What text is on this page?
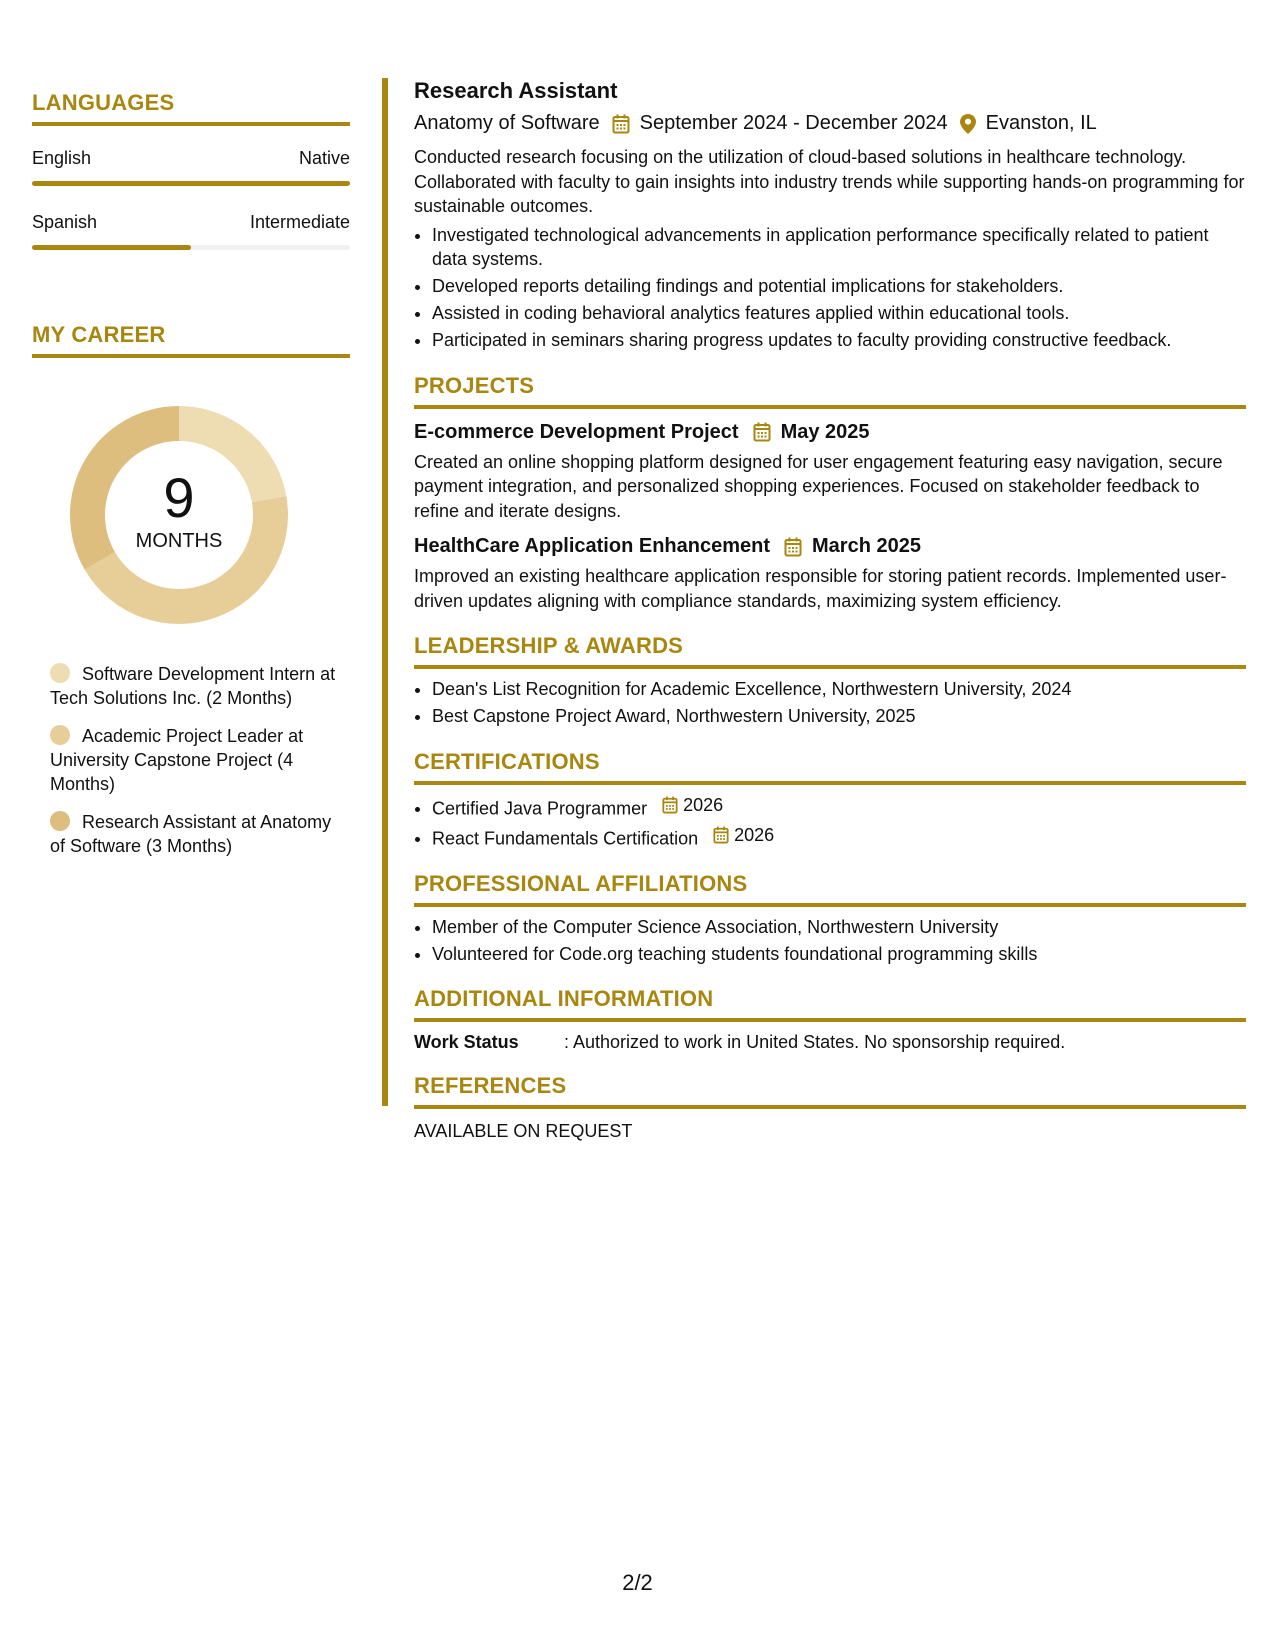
LANGUAGES
English	Native
Spanish	Intermediate
MY CAREER
9
MONTHS
Software Development Intern at Tech Solutions Inc. (2 Months)
Academic Project Leader at University Capstone Project (4 Months)
Research Assistant at Anatomy of Software (3 Months)
Research Assistant
Anatomy of Software September 2024 - December 2024 Evanston, IL
Conducted research focusing on the utilization of cloud-based solutions in healthcare technology. Collaborated with faculty to gain insights into industry trends while supporting hands-on programming for sustainable outcomes.
• Investigated technological advancements in application performance specifically related to patient data systems.
• Developed reports detailing findings and potential implications for stakeholders.
• Assisted in coding behavioral analytics features applied within educational tools.
• Participated in seminars sharing progress updates to faculty providing constructive feedback.
PROJECTS
E-commerce Development Project May 2025
Created an online shopping platform designed for user engagement featuring easy navigation, secure payment integration, and personalized shopping experiences. Focused on stakeholder feedback to refine and iterate designs.
HealthCare Application Enhancement March 2025
Improved an existing healthcare application responsible for storing patient records. Implemented user-driven updates aligning with compliance standards, maximizing system efficiency.
LEADERSHIP & AWARDS
• Dean's List Recognition for Academic Excellence, Northwestern University, 2024
• Best Capstone Project Award, Northwestern University, 2025
CERTIFICATIONS
• Certified Java Programmer 2026
• React Fundamentals Certification 2026
PROFESSIONAL AFFILIATIONS
• Member of the Computer Science Association, Northwestern University
• Volunteered for Code.org teaching students foundational programming skills
ADDITIONAL INFORMATION
Work Status	: Authorized to work in United States. No sponsorship required.
REFERENCES
AVAILABLE ON REQUEST
2/2
